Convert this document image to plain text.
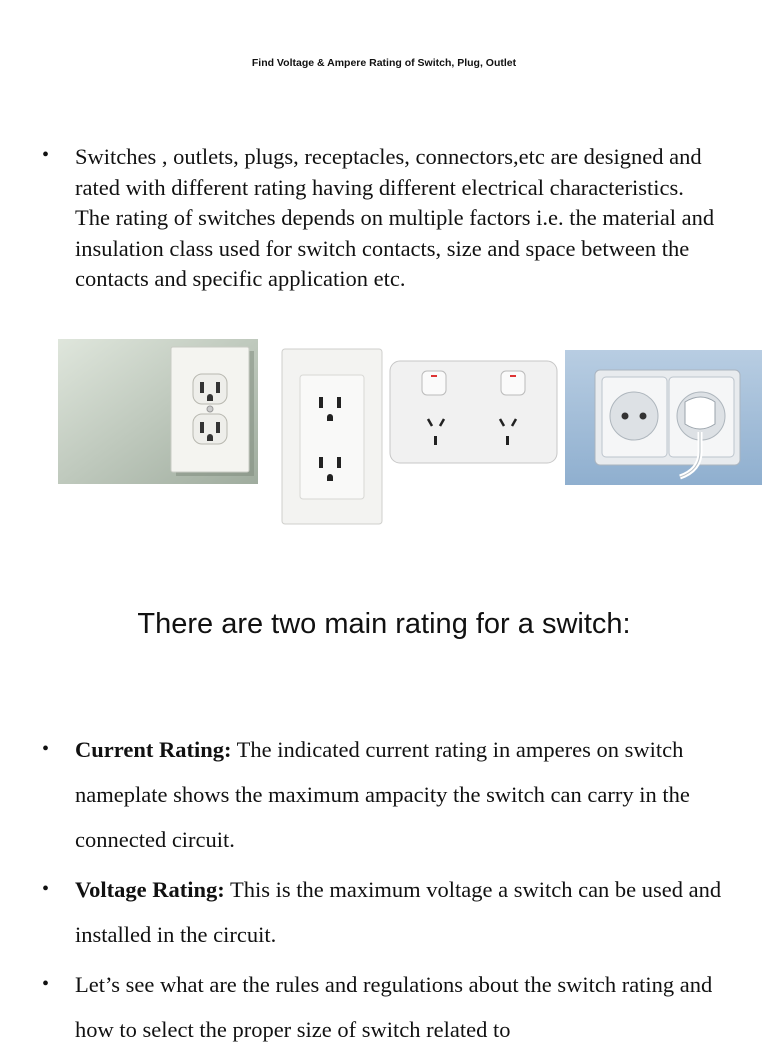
Find Voltage & Ampere Rating of Switch, Plug, Outlet
• Switches , outlets, plugs, receptacles, connectors,etc are designed and rated with different rating having different electrical characteristics. The rating of switches depends on multiple factors i.e. the material and insulation class used for switch contacts, size and space between the contacts and specific application etc.
There are two main rating for a switch:
• Current Rating: The indicated current rating in amperes on switch nameplate shows the maximum ampacity the switch can carry in the connected circuit.
• Voltage Rating: This is the maximum voltage a switch can be used and installed in the circuit.
• Let’s see what are the rules and regulations about the switch rating and how to select the proper size of switch related to
